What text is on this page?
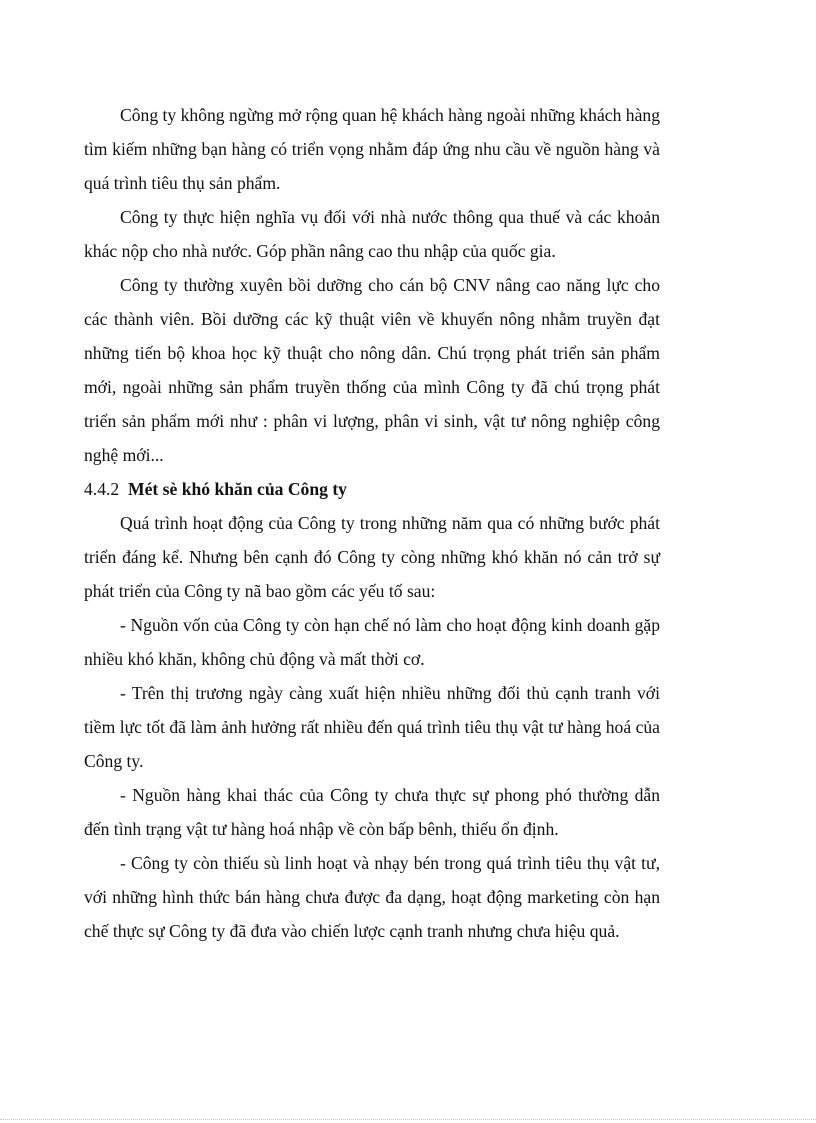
Công ty không ngừng mở rộng quan hệ khách hàng ngoài những khách hàng tìm kiếm những bạn hàng có triển vọng nhằm đáp ứng nhu cầu về nguồn hàng và quá trình tiêu thụ sản phẩm.

Công ty thực hiện nghĩa vụ đối với nhà nước thông qua thuế và các khoản khác nộp cho nhà nước. Góp phần nâng cao thu nhập của quốc gia.

Công ty thường xuyên bồi dưỡng cho cán bộ CNV nâng cao năng lực cho các thành viên. Bồi dưỡng các kỹ thuật viên về khuyến nông nhằm truyền đạt những tiến bộ khoa học kỹ thuật cho nông dân. Chú trọng phát triển sản phẩm mới, ngoài những sản phẩm truyền thống của mình Công ty đã chú trọng phát triển sản phẩm mới như : phân vi lượng, phân vi sinh, vật tư nông nghiệp công nghệ mới...

4.4.2 Mét sè khó khăn của Công ty

Quá trình hoạt động của Công ty trong những năm qua có những bước phát triển đáng kể. Nhưng bên cạnh đó Công ty còng những khó khăn nó cản trở sự phát triển của Công ty nã bao gồm các yếu tố sau:

- Nguồn vốn của Công ty còn hạn chế nó làm cho hoạt động kinh doanh gặp nhiều khó khăn, không chủ động và mất thời cơ.

- Trên thị trương ngày càng xuất hiện nhiều những đối thủ cạnh tranh với tiềm lực tốt đã làm ảnh hưởng rất nhiều đến quá trình tiêu thụ vật tư hàng hoá của Công ty.

- Nguồn hàng khai thác của Công ty chưa thực sự phong phó thường dẫn đến tình trạng vật tư hàng hoá nhập về còn bấp bênh, thiếu ổn định.

- Công ty còn thiếu sù linh hoạt và nhạy bén trong quá trình tiêu thụ vật tư, với những hình thức bán hàng chưa được đa dạng, hoạt động marketing còn hạn chế thực sự Công ty đã đưa vào chiến lược cạnh tranh nhưng chưa hiệu quả.
